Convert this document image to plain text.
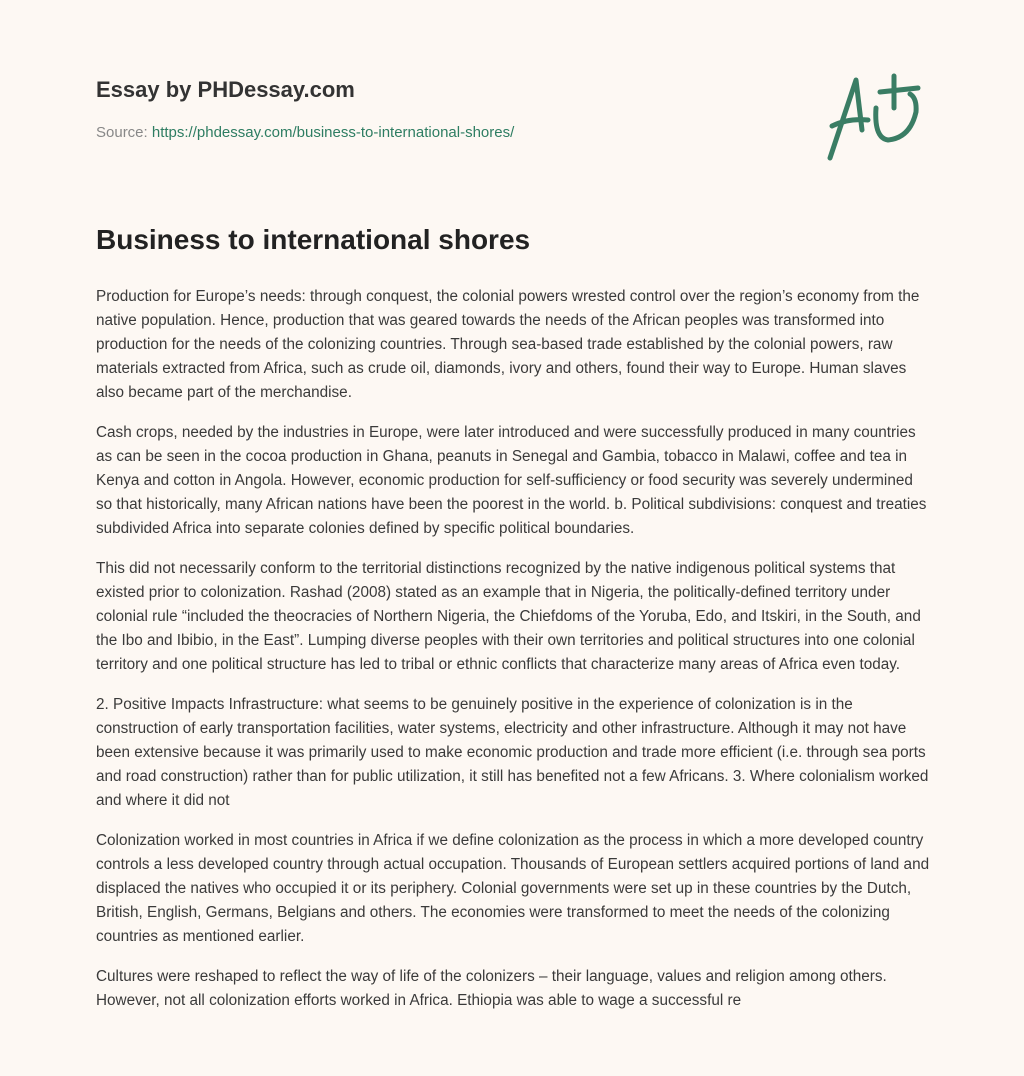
Essay by PHDessay.com
Source: https://phdessay.com/business-to-international-shores/
Business to international shores

Production for Europe’s needs: through conquest, the colonial powers wrested control over the region’s economy from the native population. Hence, production that was geared towards the needs of the African peoples was transformed into production for the needs of the colonizing countries. Through sea-based trade established by the colonial powers, raw materials extracted from Africa, such as crude oil, diamonds, ivory and others, found their way to Europe. Human slaves also became part of the merchandise.

Cash crops, needed by the industries in Europe, were later introduced and were successfully produced in many countries as can be seen in the cocoa production in Ghana, peanuts in Senegal and Gambia, tobacco in Malawi, coffee and tea in Kenya and cotton in Angola. However, economic production for self-sufficiency or food security was severely undermined so that historically, many African nations have been the poorest in the world. b. Political subdivisions: conquest and treaties subdivided Africa into separate colonies defined by specific political boundaries.

This did not necessarily conform to the territorial distinctions recognized by the native indigenous political systems that existed prior to colonization. Rashad (2008) stated as an example that in Nigeria, the politically-defined territory under colonial rule “included the theocracies of Northern Nigeria, the Chiefdoms of the Yoruba, Edo, and Itskiri, in the South, and the Ibo and Ibibio, in the East”. Lumping diverse peoples with their own territories and political structures into one colonial territory and one political structure has led to tribal or ethnic conflicts that characterize many areas of Africa even today.

2. Positive Impacts Infrastructure: what seems to be genuinely positive in the experience of colonization is in the construction of early transportation facilities, water systems, electricity and other infrastructure. Although it may not have been extensive because it was primarily used to make economic production and trade more efficient (i.e. through sea ports and road construction) rather than for public utilization, it still has benefited not a few Africans. 3. Where colonialism worked and where it did not

Colonization worked in most countries in Africa if we define colonization as the process in which a more developed country controls a less developed country through actual occupation. Thousands of European settlers acquired portions of land and displaced the natives who occupied it or its periphery. Colonial governments were set up in these countries by the Dutch, British, English, Germans, Belgians and others. The economies were transformed to meet the needs of the colonizing countries as mentioned earlier.

Cultures were reshaped to reflect the way of life of the colonizers – their language, values and religion among others. However, not all colonization efforts worked in Africa. Ethiopia was able to wage a successful re
